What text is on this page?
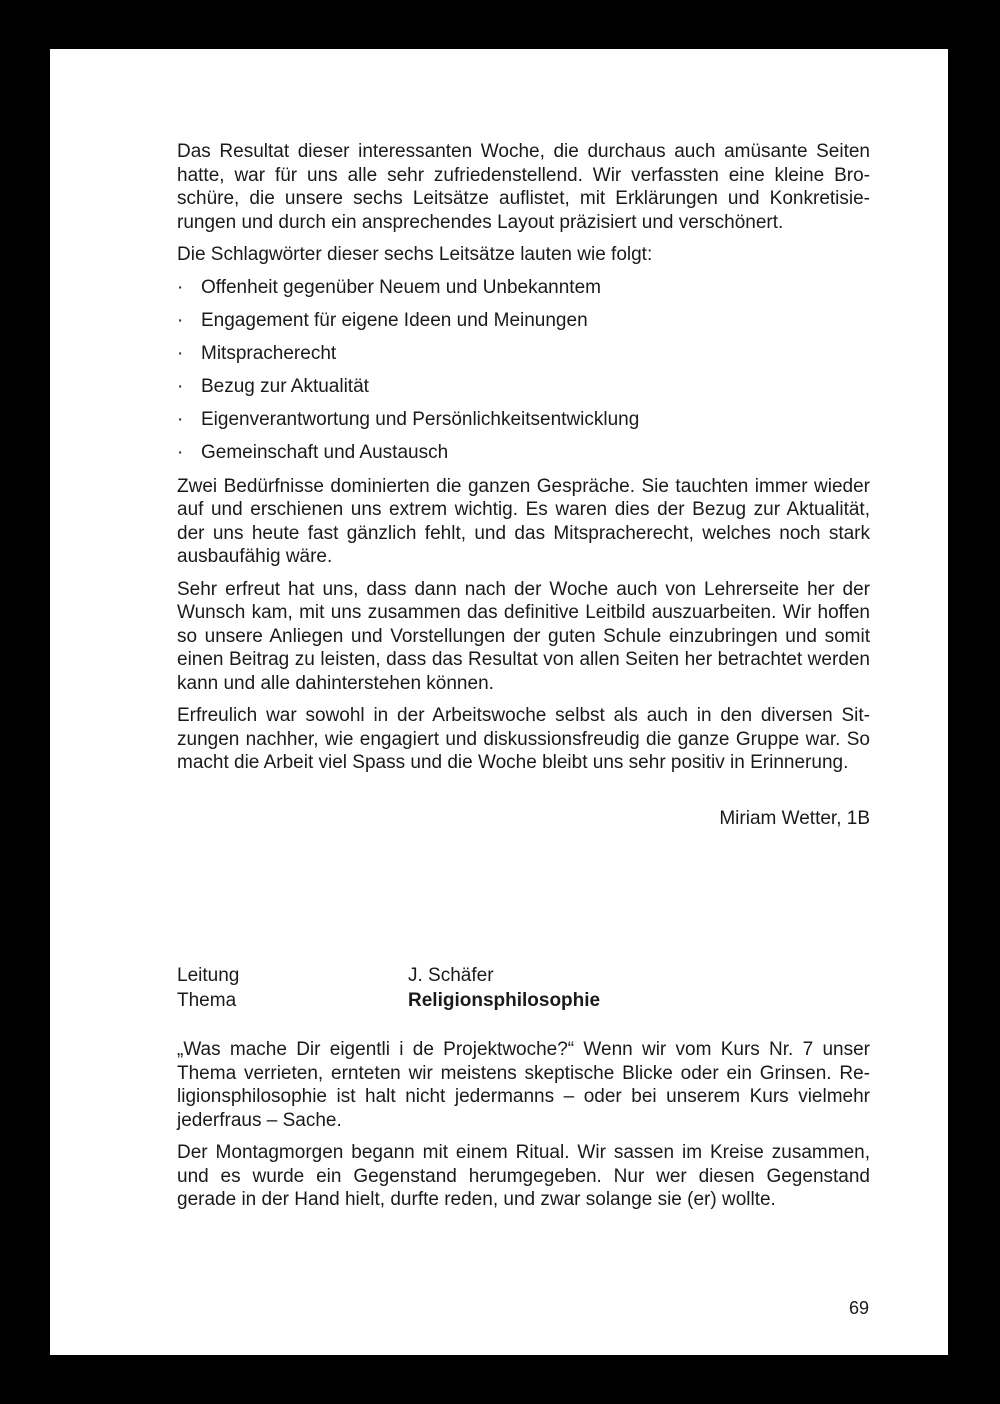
Das Resultat dieser interessanten Woche, die durchaus auch amüsante Seiten hatte, war für uns alle sehr zufriedenstellend. Wir verfassten eine kleine Broschüre, die unsere sechs Leitsätze auflistet, mit Erklärungen und Konkretisierungen und durch ein ansprechendes Layout präzisiert und verschönert.

Die Schlagwörter dieser sechs Leitsätze lauten wie folgt:

· Offenheit gegenüber Neuem und Unbekanntem
· Engagement für eigene Ideen und Meinungen
· Mitspracherecht
· Bezug zur Aktualität
· Eigenverantwortung und Persönlichkeitsentwicklung
· Gemeinschaft und Austausch

Zwei Bedürfnisse dominierten die ganzen Gespräche. Sie tauchten immer wieder auf und erschienen uns extrem wichtig. Es waren dies der Bezug zur Aktualität, der uns heute fast gänzlich fehlt, und das Mitspracherecht, welches noch stark ausbaufähig wäre.

Sehr erfreut hat uns, dass dann nach der Woche auch von Lehrerseite her der Wunsch kam, mit uns zusammen das definitive Leitbild auszuarbeiten. Wir hoffen so unsere Anliegen und Vorstellungen der guten Schule einzubringen und somit einen Beitrag zu leisten, dass das Resultat von allen Seiten her betrachtet werden kann und alle dahinterstehen können.

Erfreulich war sowohl in der Arbeitswoche selbst als auch in den diversen Sitzungen nachher, wie engagiert und diskussionsfreudig die ganze Gruppe war. So macht die Arbeit viel Spass und die Woche bleibt uns sehr positiv in Erinnerung.

Miriam Wetter, 1B

Leitung	J. Schäfer
Thema	Religionsphilosophie

„Was mache Dir eigentli i de Projektwoche?“ Wenn wir vom Kurs Nr. 7 unser Thema verrieten, ernteten wir meistens skeptische Blicke oder ein Grinsen. Religionsphilosophie ist halt nicht jedermanns – oder bei unserem Kurs vielmehr jederfraus – Sache.

Der Montagmorgen begann mit einem Ritual. Wir sassen im Kreise zusammen, und es wurde ein Gegenstand herumgegeben. Nur wer diesen Gegenstand gerade in der Hand hielt, durfte reden, und zwar solange sie (er) wollte.

69
